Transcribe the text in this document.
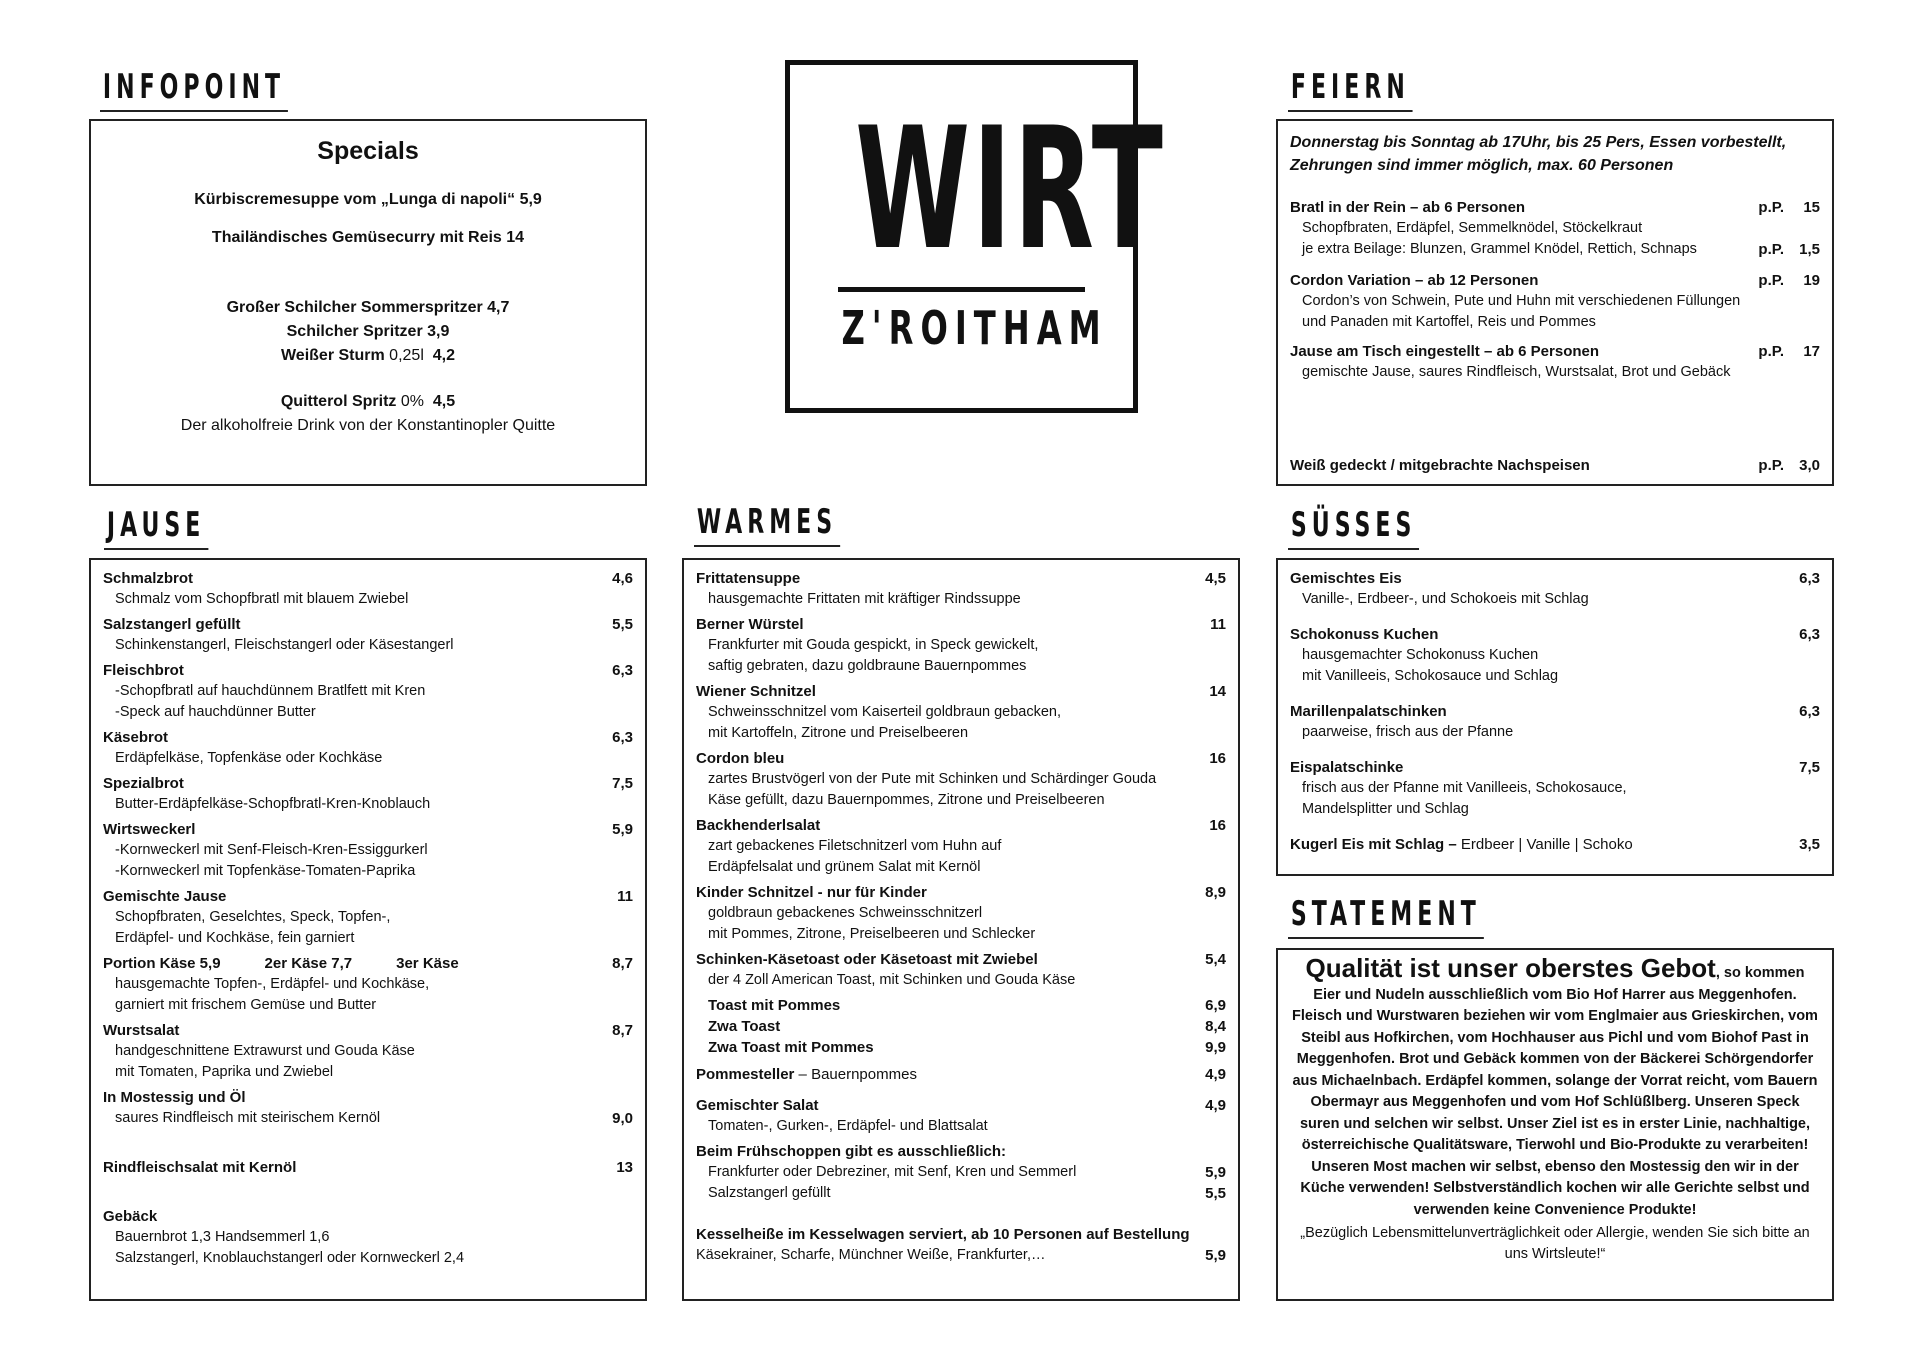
INFOPOINT	FEIERN
JAUSE	WARMES	SÜSSES
STATEMENT
Specials
Kürbiscremesuppe vom „Lunga di napoli“ 5,9
Thailändisches Gemüsecurry mit Reis 14
Großer Schilcher Sommerspritzer 4,7
Schilcher Spritzer 3,9
Weißer Sturm 0,25l 4,2
Quitterol Spritz 0% 4,5
Der alkoholfreie Drink von der Konstantinopler Quitte
WIRT
Z'ROITHAM
Donnerstag bis Sonntag ab 17Uhr, bis 25 Pers, Essen vorbestellt,
Zehrungen sind immer möglich, max. 60 Personen
Bratl in der Rein – ab 6 Personen	p.P.	15
Schopfbraten, Erdäpfel, Semmelknödel, Stöckelkraut
je extra Beilage: Blunzen, Grammel Knödel, Rettich, Schnaps	p.P. 1,5
Cordon Variation – ab 12 Personen	p.P.	19
Cordon’s von Schwein, Pute und Huhn mit verschiedenen Füllungen
und Panaden mit Kartoffel, Reis und Pommes
Jause am Tisch eingestellt – ab 6 Personen	p.P.	17
gemischte Jause, saures Rindfleisch, Wurstsalat, Brot und Gebäck
Weiß gedeckt / mitgebrachte Nachspeisen	p.P. 3,0
Schmalzbrot	4,6
Schmalz vom Schopfbratl mit blauem Zwiebel
Salzstangerl gefüllt	5,5
Schinkenstangerl, Fleischstangerl oder Käsestangerl
Fleischbrot	6,3
-Schopfbratl auf hauchdünnem Bratlfett mit Kren
-Speck auf hauchdünner Butter
Käsebrot	6,3
Erdäpfelkäse, Topfenkäse oder Kochkäse
Spezialbrot	7,5
Butter-Erdäpfelkäse-Schopfbratl-Kren-Knoblauch
Wirtsweckerl	5,9
-Kornweckerl mit Senf-Fleisch-Kren-Essiggurkerl
-Kornweckerl mit Topfenkäse-Tomaten-Paprika
Gemischte Jause	11
Schopfbraten, Geselchtes, Speck, Topfen-,
Erdäpfel- und Kochkäse, fein garniert
Portion Käse 5,9	2er Käse 7,7	3er Käse	8,7
hausgemachte Topfen-, Erdäpfel- und Kochkäse,
garniert mit frischem Gemüse und Butter
Wurstsalat	8,7
handgeschnittene Extrawurst und Gouda Käse
mit Tomaten, Paprika und Zwiebel
In Mostessig und Öl
saures Rindfleisch mit steirischem Kernöl	9,0
Rindfleischsalat mit Kernöl	13
Gebäck
Bauernbrot 1,3 Handsemmerl 1,6
Salzstangerl, Knoblauchstangerl oder Kornweckerl 2,4
Frittatensuppe	4,5
hausgemachte Frittaten mit kräftiger Rindssuppe
Berner Würstel	11
Frankfurter mit Gouda gespickt, in Speck gewickelt,
saftig gebraten, dazu goldbraune Bauernpommes
Wiener Schnitzel	14
Schweinsschnitzel vom Kaiserteil goldbraun gebacken,
mit Kartoffeln, Zitrone und Preiselbeeren
Cordon bleu	16
zartes Brustvögerl von der Pute mit Schinken und Schärdinger Gouda
Käse gefüllt, dazu Bauernpommes, Zitrone und Preiselbeeren
Backhenderlsalat	16
zart gebackenes Filetschnitzerl vom Huhn auf
Erdäpfelsalat und grünem Salat mit Kernöl
Kinder Schnitzel - nur für Kinder	8,9
goldbraun gebackenes Schweinsschnitzerl
mit Pommes, Zitrone, Preiselbeeren und Schlecker
Schinken-Käsetoast oder Käsetoast mit Zwiebel	5,4
der 4 Zoll American Toast, mit Schinken und Gouda Käse
Toast mit Pommes	6,9
Zwa Toast	8,4
Zwa Toast mit Pommes	9,9
Pommesteller – Bauernpommes	4,9
Gemischter Salat	4,9
Tomaten-, Gurken-, Erdäpfel- und Blattsalat
Beim Frühschoppen gibt es ausschließlich:
Frankfurter oder Debreziner, mit Senf, Kren und Semmerl	5,9
Salzstangerl gefüllt	5,5
Kesselheiße im Kesselwagen serviert, ab 10 Personen auf Bestellung
Käsekrainer, Scharfe, Münchner Weiße, Frankfurter,…	5,9
Gemischtes Eis	6,3
Vanille-, Erdbeer-, und Schokoeis mit Schlag
Schokonuss Kuchen	6,3
hausgemachter Schokonuss Kuchen
mit Vanilleeis, Schokosauce und Schlag
Marillenpalatschinken	6,3
paarweise, frisch aus der Pfanne
Eispalatschinke	7,5
frisch aus der Pfanne mit Vanilleeis, Schokosauce,
Mandelsplitter und Schlag
Kugerl Eis mit Schlag – Erdbeer | Vanille | Schoko	3,5
Qualität ist unser oberstes Gebot, so kommen Eier und Nudeln ausschließlich vom Bio Hof Harrer aus Meggenhofen. Fleisch und Wurstwaren beziehen wir vom Englmaier aus Grieskirchen, vom Steibl aus Hofkirchen, vom Hochhauser aus Pichl und vom Biohof Past in Meggenhofen. Brot und Gebäck kommen von der Bäckerei Schörgendorfer aus Michaelnbach. Erdäpfel kommen, solange der Vorrat reicht, vom Bauern Obermayr aus Meggenhofen und vom Hof Schlüßlberg. Unseren Speck suren und selchen wir selbst. Unser Ziel ist es in erster Linie, nachhaltige, österreichische Qualitätsware, Tierwohl und Bio-Produkte zu verarbeiten! Unseren Most machen wir selbst, ebenso den Mostessig den wir in der Küche verwenden! Selbstverständlich kochen wir alle Gerichte selbst und verwenden keine Convenience Produkte!
„Bezüglich Lebensmittelunverträglichkeit oder Allergie, wenden Sie sich bitte an uns Wirtsleute!“
